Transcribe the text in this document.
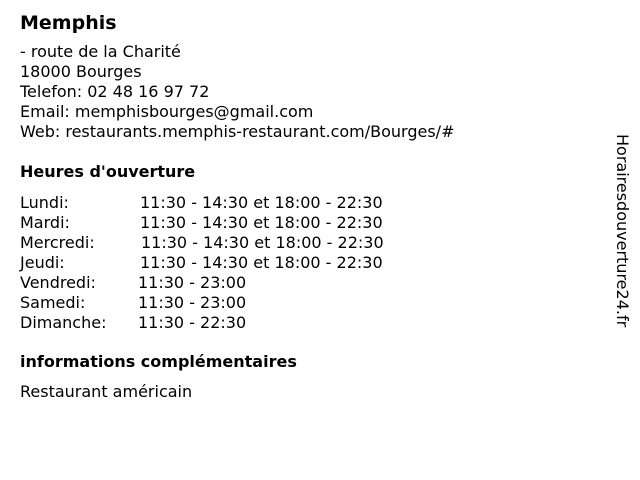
Memphis
- route de la Charité
18000 Bourges
Telefon: 02 48 16 97 72
Email: memphisbourges@gmail.com
Web: restaurants.memphis-restaurant.com/Bourges/#
Heures d'ouverture
Lundi:	11:30 - 14:30 et 18:00 - 22:30
Mardi:	11:30 - 14:30 et 18:00 - 22:30
Mercredi:	11:30 - 14:30 et 18:00 - 22:30
Jeudi:	11:30 - 14:30 et 18:00 - 22:30
Vendredi:	11:30 - 23:00
Samedi:	11:30 - 23:00
Dimanche:	11:30 - 22:30
informations complémentaires
Restaurant américain
Horairesdouverture24.fr
